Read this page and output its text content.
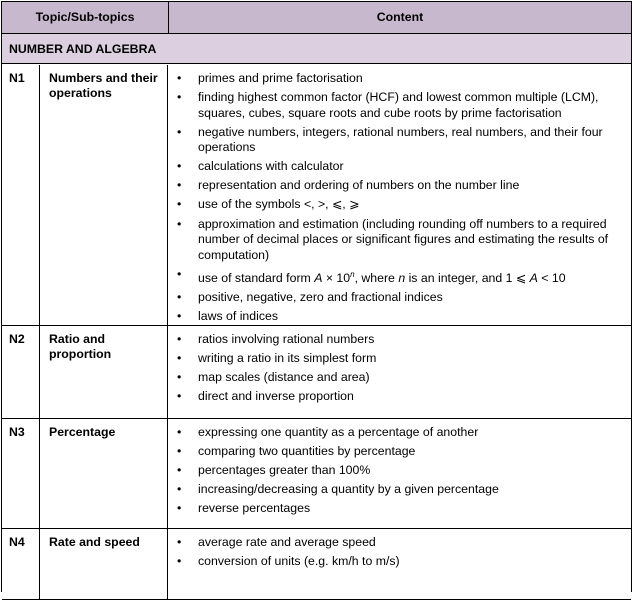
Topic/Sub-topics	Content
NUMBER AND ALGEBRA
N1	Numbers and their operations
• primes and prime factorisation
• finding highest common factor (HCF) and lowest common multiple (LCM), squares, cubes, square roots and cube roots by prime factorisation
• negative numbers, integers, rational numbers, real numbers, and their four operations
• calculations with calculator
• representation and ordering of numbers on the number line
• use of the symbols <, >, ⩽, ⩾
• approximation and estimation (including rounding off numbers to a required number of decimal places or significant figures and estimating the results of computation)
• use of standard form $A \times 10^n$, where n is an integer, and 1 ⩽ A < 10
• positive, negative, zero and fractional indices
• laws of indices
N2	Ratio and proportion
• ratios involving rational numbers
• writing a ratio in its simplest form
• map scales (distance and area)
• direct and inverse proportion
N3	Percentage	• expressing one quantity as a percentage of another
• comparing two quantities by percentage
• percentages greater than 100%
• increasing/decreasing a quantity by a given percentage
• reverse percentages
N4	Rate and speed	• average rate and average speed
• conversion of units (e.g. km/h to m/s)
